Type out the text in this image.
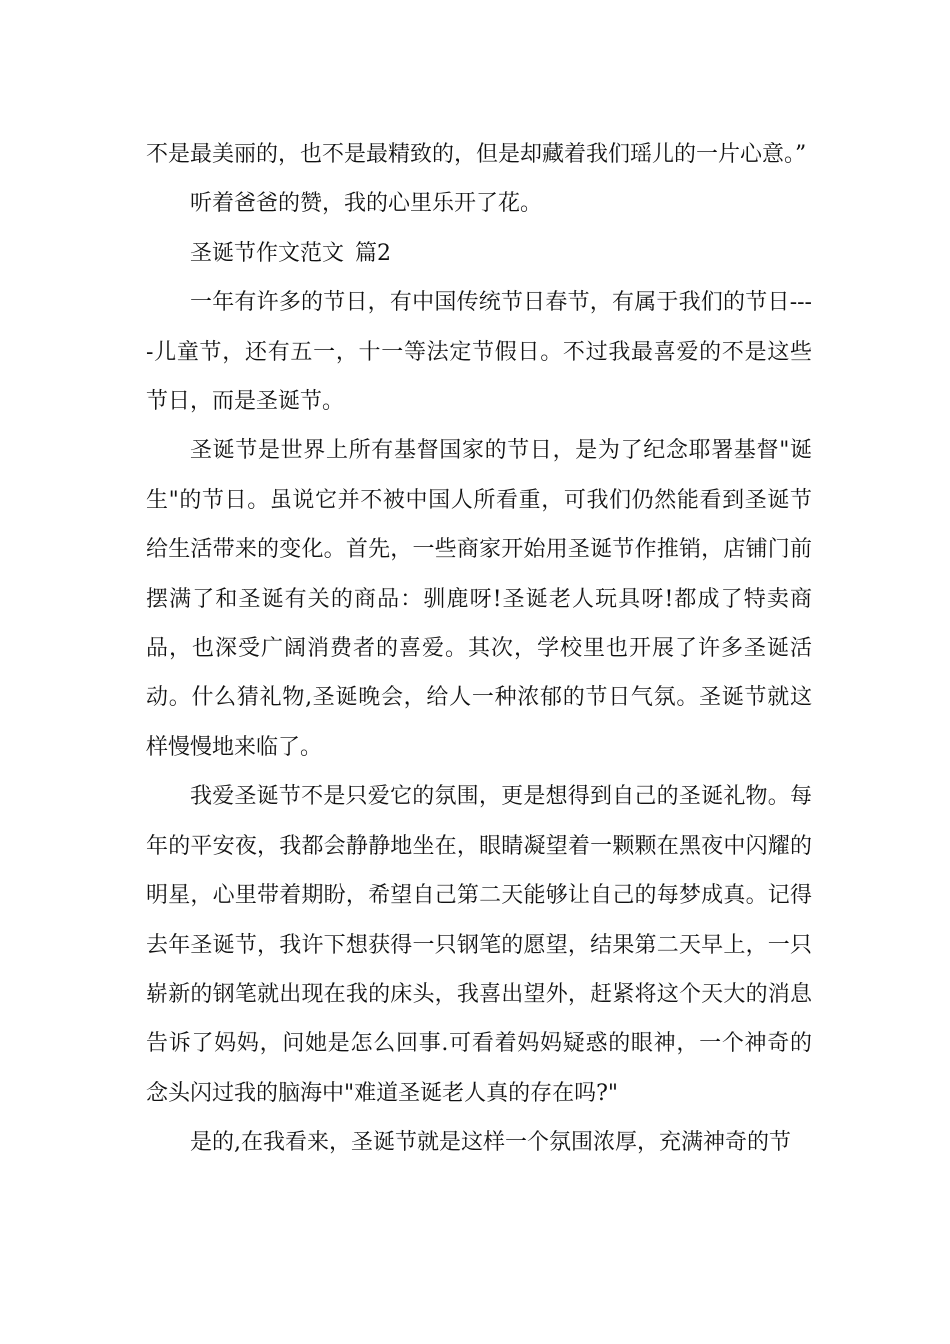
不是最美丽的，也不是最精致的，但是却藏着我们瑶儿的一片心意。”

听着爸爸的赞，我的心里乐开了花。

圣诞节作文范文 篇2

一年有许多的节日，有中国传统节日春节，有属于我们的节日----儿童节，还有五一，十一等法定节假日。不过我最喜爱的不是这些节日，而是圣诞节。

圣诞节是世界上所有基督国家的节日，是为了纪念耶署基督"诞生"的节日。虽说它并不被中国人所看重，可我们仍然能看到圣诞节给生活带来的变化。首先，一些商家开始用圣诞节作推销，店铺门前摆满了和圣诞有关的商品：驯鹿呀!圣诞老人玩具呀!都成了特卖商品，也深受广阔消费者的喜爱。其次，学校里也开展了许多圣诞活动。什么猜礼物,圣诞晚会，给人一种浓郁的节日气氛。圣诞节就这样慢慢地来临了。

我爱圣诞节不是只爱它的氛围，更是想得到自己的圣诞礼物。每年的平安夜，我都会静静地坐在，眼睛凝望着一颗颗在黑夜中闪耀的明星，心里带着期盼，希望自己第二天能够让自己的每梦成真。记得去年圣诞节，我许下想获得一只钢笔的愿望，结果第二天早上，一只崭新的钢笔就出现在我的床头，我喜出望外，赶紧将这个天大的消息告诉了妈妈，问她是怎么回事.可看着妈妈疑惑的眼神，一个神奇的念头闪过我的脑海中"难道圣诞老人真的存在吗?"

是的,在我看来，圣诞节就是这样一个氛围浓厚，充满神奇的节
